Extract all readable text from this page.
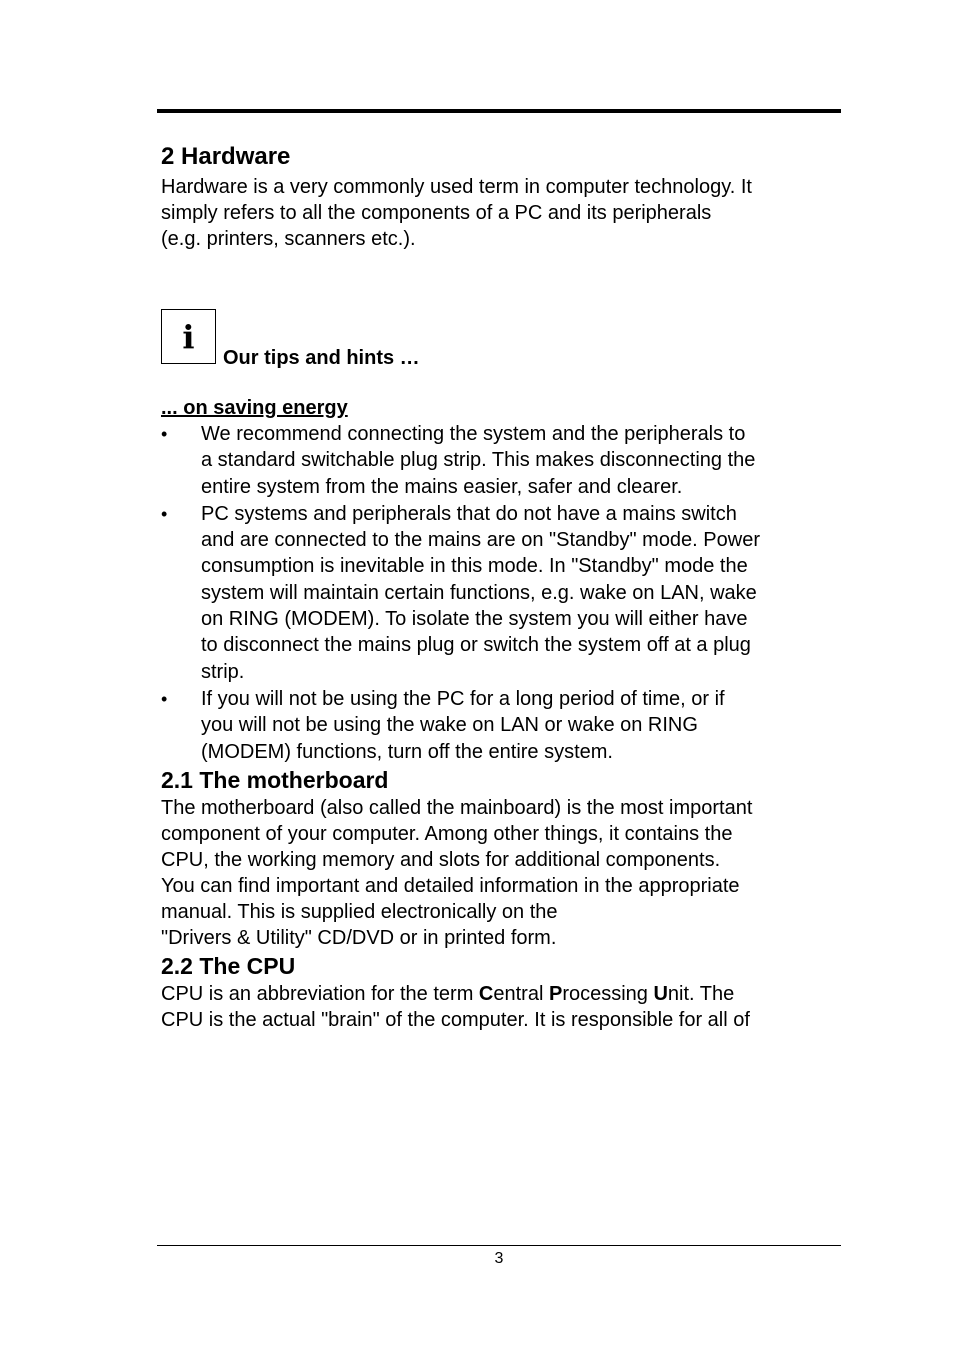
2 Hardware

Hardware is a very commonly used term in computer technology. It
simply refers to all the components of a PC and its peripherals
(e.g. printers, scanners etc.).

i
Our tips and hints …
... on saving energy
• We recommend connecting the system and the peripherals to
a standard switchable plug strip. This makes disconnecting the
entire system from the mains easier, safer and clearer.
• PC systems and peripherals that do not have a mains switch
and are connected to the mains are on "Standby" mode. Power
consumption is inevitable in this mode. In "Standby" mode the
system will maintain certain functions, e.g. wake on LAN, wake
on RING (MODEM). To isolate the system you will either have
to disconnect the mains plug or switch the system off at a plug
strip.
• If you will not be using the PC for a long period of time, or if
you will not be using the wake on LAN or wake on RING
(MODEM) functions, turn off the entire system.
2.1 The motherboard

The motherboard (also called the mainboard) is the most important
component of your computer. Among other things, it contains the
CPU, the working memory and slots for additional components.
You can find important and detailed information in the appropriate
manual. This is supplied electronically on the
"Drivers & Utility" CD/DVD or in printed form.

2.2 The CPU

CPU is an abbreviation for the term Central Processing Unit. The
CPU is the actual "brain" of the computer. It is responsible for all of

3
